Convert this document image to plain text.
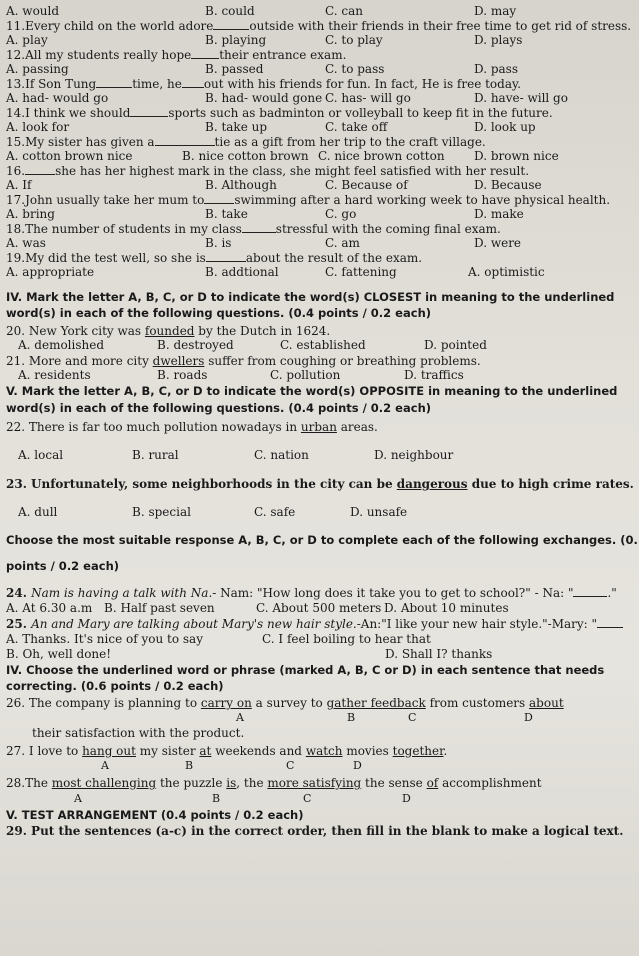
A. would	B. could	C. can	D. may
11.Every child on the world adore	outside with their friends in their free time to get rid of stress.
A. play	B. playing	C. to play	D. plays
12.All my students really hope their entrance exam.
A. passing	B. passed	C. to pass	D. pass
13.If Son Tung	time, he out with his friends for fun. In fact, He is free today.
A. had- would go	B. had- would gone C. has- will go	D. have- will go
14.I think we should	sports such as badminton or volleyball to keep fit in the future.
A. look for	B. take up	C. take off	D. look up
15.My sister has given a	tie as a gift from her trip to the craft village.
A. cotton brown nice	B. nice cotton brown C. nice brown cotton D. brown nice
16.	she has her highest mark in the class, she might feel satisfied with her result.
A. If	B. Although	C. Because of	D. Because
17.John usually take her mum to	swimming after a hard working week to have physical health.
A. bring	B. take	C. go	D. make
18.The number of students in my class	stressful with the coming final exam.
A. was	B. is	C. am	D. were
19.My did the test well, so she is	about the result of the exam.
A. appropriate	B. addtional	C. fattening	A. optimistic
IV. Mark the letter A, B, C, or D to indicate the word(s) CLOSEST in meaning to the underlined
word(s) in each of the following questions. (0.4 points / 0.2 each)
20. New York city was founded by the Dutch in 1624.
A. demolished	B. destroyed	C. established	D. pointed
21. More and more city dwellers suffer from coughing or breathing problems.
A. residents	B. roads	C. pollution	D. traffics
V. Mark the letter A, B, C, or D to indicate the word(s) OPPOSITE in meaning to the underlined
word(s) in each of the following questions. (0.4 points / 0.2 each)
22. There is far too much pollution nowadays in urban areas.
A. local	B. rural	C. nation	D. neighbour
23. Unfortunately, some neighborhoods in the city can be dangerous due to high crime rates.
A. dull	B. special	C. safe	D. unsafe
Choose the most suitable response A, B, C, or D to complete each of the following exchanges. (0.
points / 0.2 each)
24. Nam is having a talk with Na.- Nam: "How long does it take you to get to school?" - Na: "	."
A. At 6.30 a.m B. Half past seven	C. About 500 meters D. About 10 minutes
25. An and Mary are talking about Mary's new hair style.-An:"I like your new hair style."-Mary: "
A. Thanks. It's nice of you to say	C. I feel boiling to hear that
B. Oh, well done!	D. Shall I? thanks
IV. Choose the underlined word or phrase (marked A, B, C or D) in each sentence that needs
correcting. (0.6 points / 0.2 each)
26. The company is planning to carry on a survey to gather feedback from customers about
A	B	C	D
their satisfaction with the product.
27. I love to hang out my sister at weekends and watch movies together.
A	B	C	D
28.The most challenging the puzzle is, the more satisfying the sense of accomplishment
A	B	C	D
V. TEST ARRANGEMENT (0.4 points / 0.2 each)
29. Put the sentences (a-c) in the correct order, then fill in the blank to make a logical text.
